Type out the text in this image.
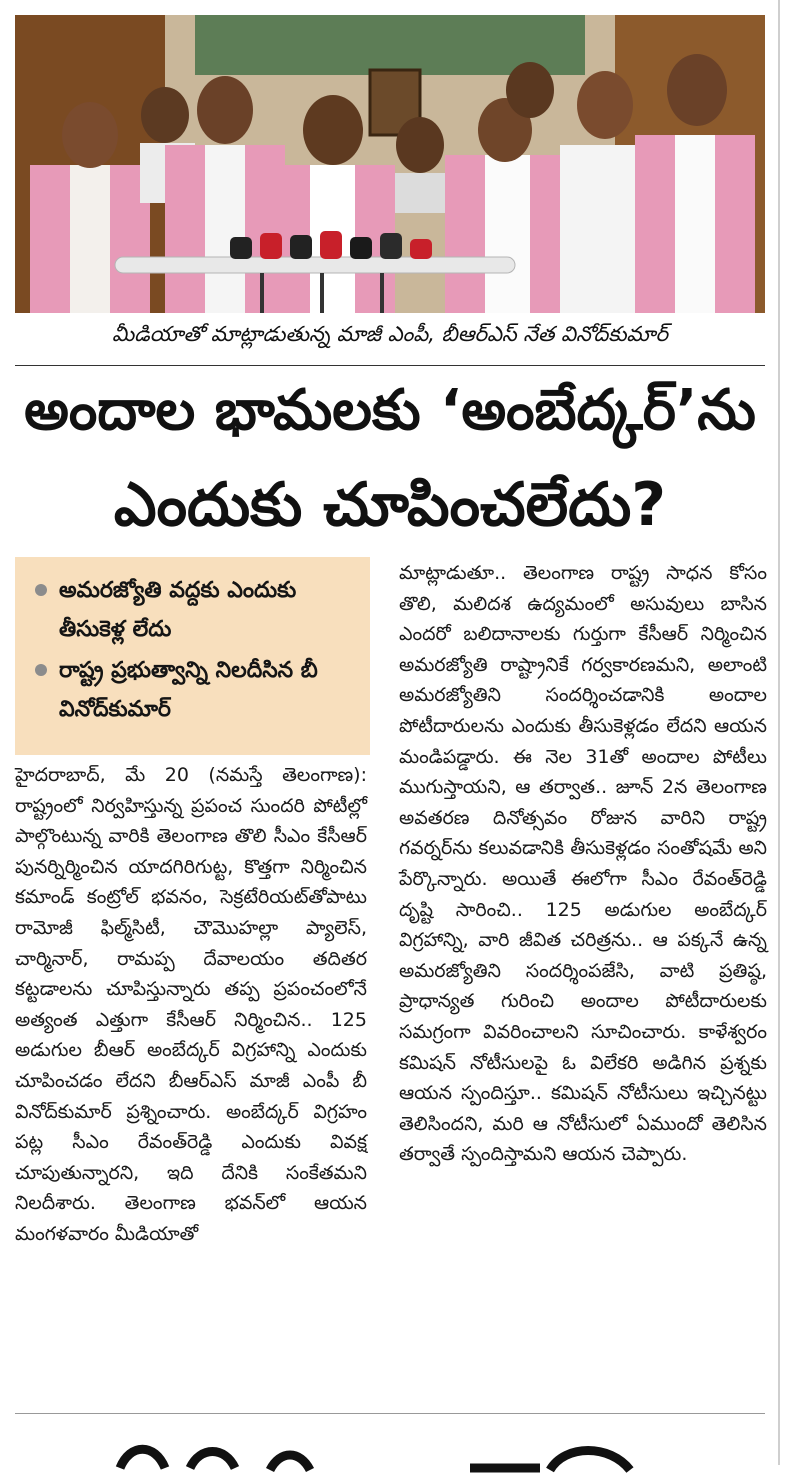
మీడియాతో మాట్లాడుతున్న మాజీ ఎంపీ, బీఆర్ఎస్ నేత వినోద్‌కుమార్
అందాల భామలకు ‘అంబేద్కర్’ను
ఎందుకు చూపించలేదు?
అమరజ్యోతి వద్దకు ఎందుకు తీసుకెళ్ల లేదు
రాష్ట్ర ప్రభుత్వాన్ని నిలదీసిన బీ వినోద్‌కుమార్

హైదరాబాద్, మే 20 (నమస్తే తెలంగాణ): రాష్ట్రంలో నిర్వహిస్తున్న ప్రపంచ సుందరి పోటీల్లో పాల్గొంటున్న వారికి తెలంగాణ తొలి సీఎం కేసీఆర్ పునర్నిర్మించిన యాదగిరిగుట్ట, కొత్తగా నిర్మించిన కమాండ్ కంట్రోల్ భవనం, సెక్రటేరియట్‌తోపాటు రామోజీ ఫిల్మ్‌సిటీ, చౌమొహల్లా ప్యాలెస్, చార్మినార్, రామప్ప దేవాలయం తదితర కట్టడాలను చూపిస్తున్నారు తప్ప ప్రపంచంలోనే అత్యంత ఎత్తుగా కేసీఆర్ నిర్మించిన.. 125 అడుగుల బీఆర్ అంబేద్కర్ విగ్రహాన్ని ఎందుకు చూపించడం లేదని బీఆర్ఎస్ మాజీ ఎంపీ బీ వినోద్‌కుమార్ ప్రశ్నించారు. అంబేద్కర్ విగ్రహం పట్ల సీఎం రేవంత్‌రెడ్డి ఎందుకు వివక్ష చూపుతున్నారని, ఇది దేనికి సంకేతమని నిలదీశారు. తెలంగాణ భవన్‌లో ఆయన మంగళవారం మీడియాతో

మాట్లాడుతూ.. తెలంగాణ రాష్ట్ర సాధన కోసం తొలి, మలిదశ ఉద్యమంలో అసువులు బాసిన ఎందరో బలిదానాలకు గుర్తుగా కేసీఆర్ నిర్మించిన అమరజ్యోతి రాష్ట్రానికే గర్వకారణమని, అలాంటి అమరజ్యోతిని సందర్శించడానికి అందాల పోటీదారులను ఎందుకు తీసుకెళ్లడం లేదని ఆయన మండిపడ్డారు. ఈ నెల 31తో అందాల పోటీలు ముగుస్తాయని, ఆ తర్వాత.. జూన్ 2న తెలంగాణ అవతరణ దినోత్సవం రోజున వారిని రాష్ట్ర గవర్నర్‌ను కలువడానికి తీసుకెళ్లడం సంతోషమే అని పేర్కొన్నారు. అయితే ఈలోగా సీఎం రేవంత్‌రెడ్డి దృష్టి సారించి.. 125 అడుగుల అంబేద్కర్ విగ్రహాన్ని, వారి జీవిత చరిత్రను.. ఆ పక్కనే ఉన్న అమరజ్యోతిని సందర్శింపజేసి, వాటి ప్రతిష్ఠ, ప్రాధాన్యత గురించి అందాల పోటీదారులకు సమగ్రంగా వివరించాలని సూచించారు. కాళేశ్వరం కమిషన్ నోటీసులపై ఓ విలేకరి అడిగిన ప్రశ్నకు ఆయన స్పందిస్తూ.. కమిషన్ నోటీసులు ఇచ్చినట్టు తెలిసిందని, మరి ఆ నోటీసులో ఏముందో తెలిసిన తర్వాతే స్పందిస్తామని ఆయన చెప్పారు.
